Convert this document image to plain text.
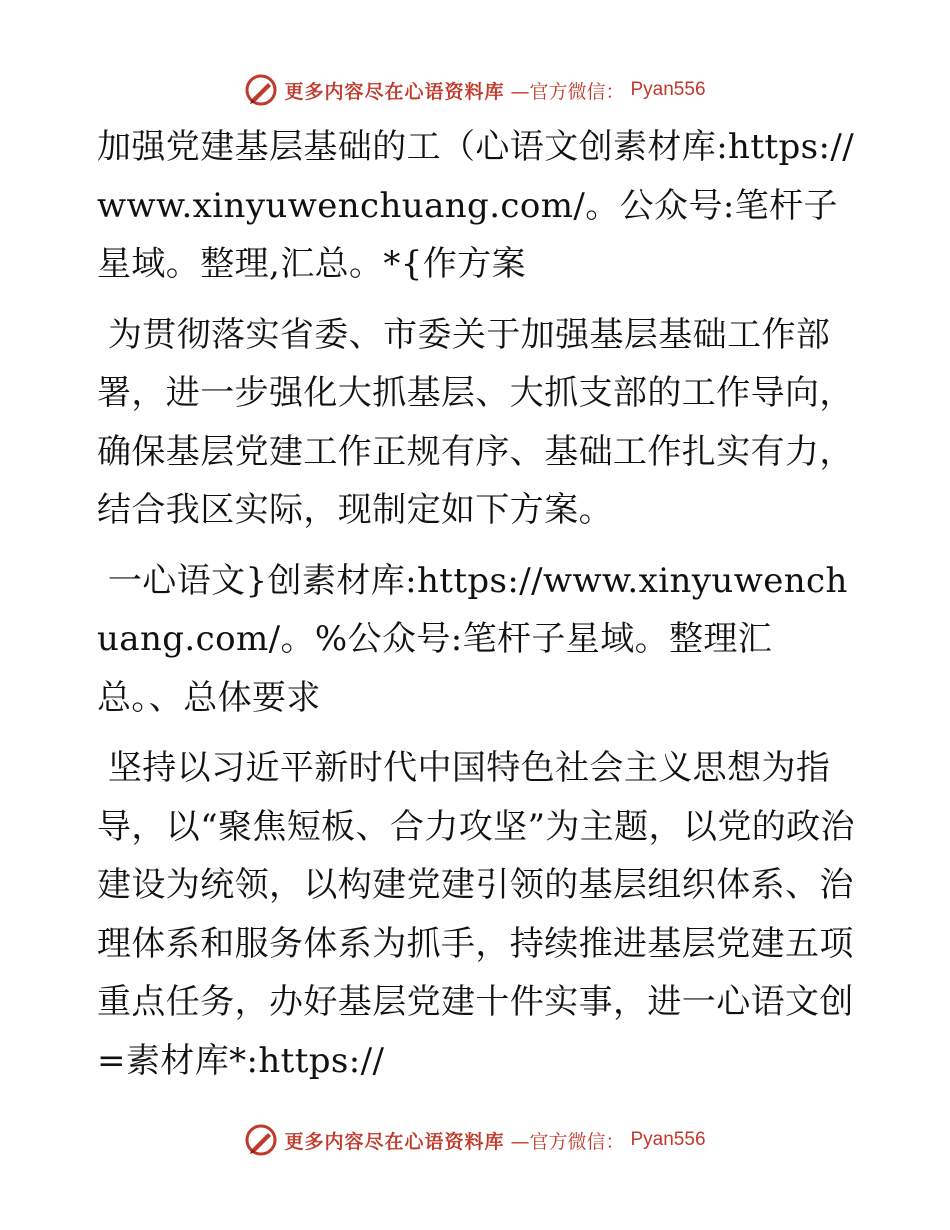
更多内容尽在心语资料库 —官方微信： Pyan556

加强党建基层基础的工（心语文创素材库:https://www.xinyuwenchuang.com/。公众号:笔杆子星域。整理,汇总。*{作方案

为贯彻落实省委、市委关于加强基层基础工作部署，进一步强化大抓基层、大抓支部的工作导向，确保基层党建工作正规有序、基础工作扎实有力，结合我区实际，现制定如下方案。

一心语文}创素材库:https://www.xinyuwenchuang.com/。%公众号:笔杆子星域。整理汇总。、总体要求

坚持以习近平新时代中国特色社会主义思想为指导，以“聚焦短板、合力攻坚”为主题，以党的政治建设为统领，以构建党建引领的基层组织体系、治理体系和服务体系为抓手，持续推进基层党建五项重点任务，办好基层党建十件实事，进一心语文创=素材库*:https://

更多内容尽在心语资料库 —官方微信： Pyan556
